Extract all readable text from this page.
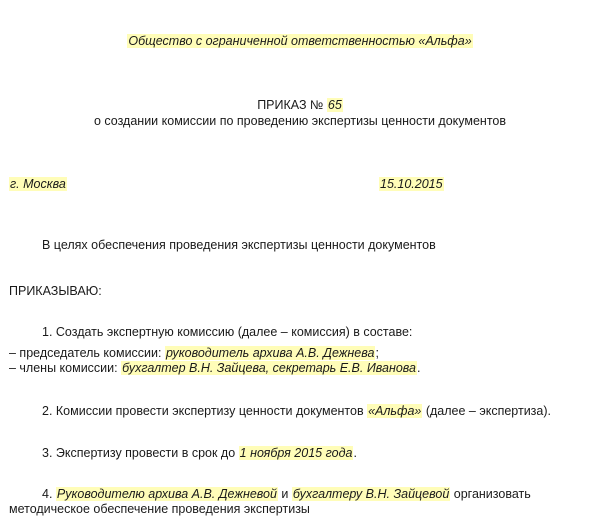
Общество с ограниченной ответственностью «Альфа»
ПРИКАЗ № 65
о создании комиссии по проведению экспертизы ценности документов
г. Москва	15.10.2015
В целях обеспечения проведения экспертизы ценности документов
ПРИКАЗЫВАЮ:
1. Создать экспертную комиссию (далее – комиссия) в составе:
– председатель комиссии: руководитель архива А.В. Дежнева;
– члены комиссии: бухгалтер В.Н. Зайцева, секретарь Е.В. Иванова.
2. Комиссии провести экспертизу ценности документов «Альфа» (далее – экспертиза).
3. Экспертизу провести в срок до 1 ноября 2015 года.
4. Руководителю архива А.В. Дежневой и бухгалтеру В.Н. Зайцевой организовать
методическое обеспечение проведения экспертизы
